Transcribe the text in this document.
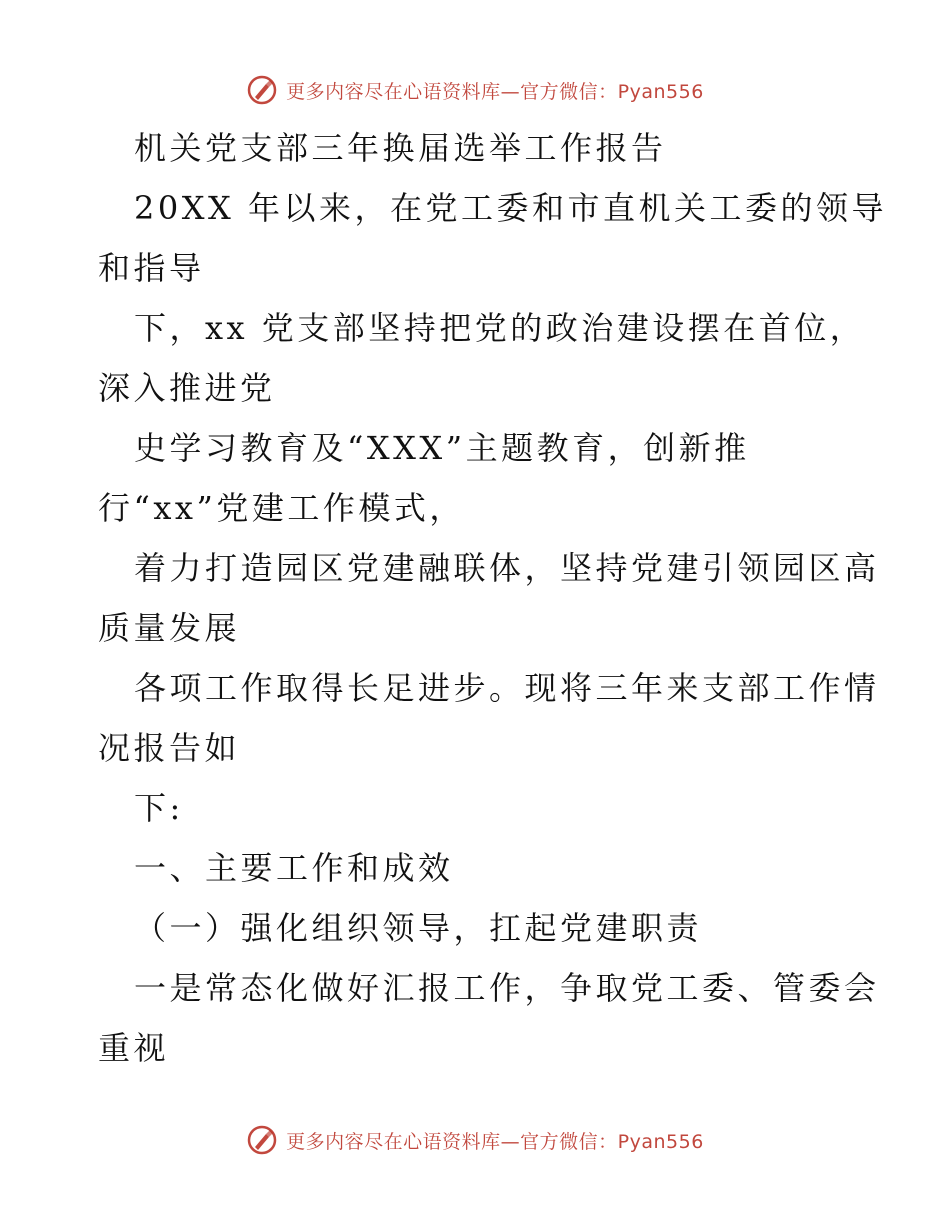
更多内容尽在心语资料库—官方微信：Pyan556

机关党支部三年换届选举工作报告

20XX 年以来，在党工委和市直机关工委的领导

和指导

下，xx 党支部坚持把党的政治建设摆在首位，

深入推进党

史学习教育及“XXX”主题教育，创新推

行“xx”党建工作模式，

着力打造园区党建融联体，坚持党建引领园区高

质量发展

各项工作取得长足进步。现将三年来支部工作情

况报告如

下:

一、主要工作和成效

（一）强化组织领导，扛起党建职责

一是常态化做好汇报工作，争取党工委、管委会

重视

更多内容尽在心语资料库—官方微信：Pyan556
